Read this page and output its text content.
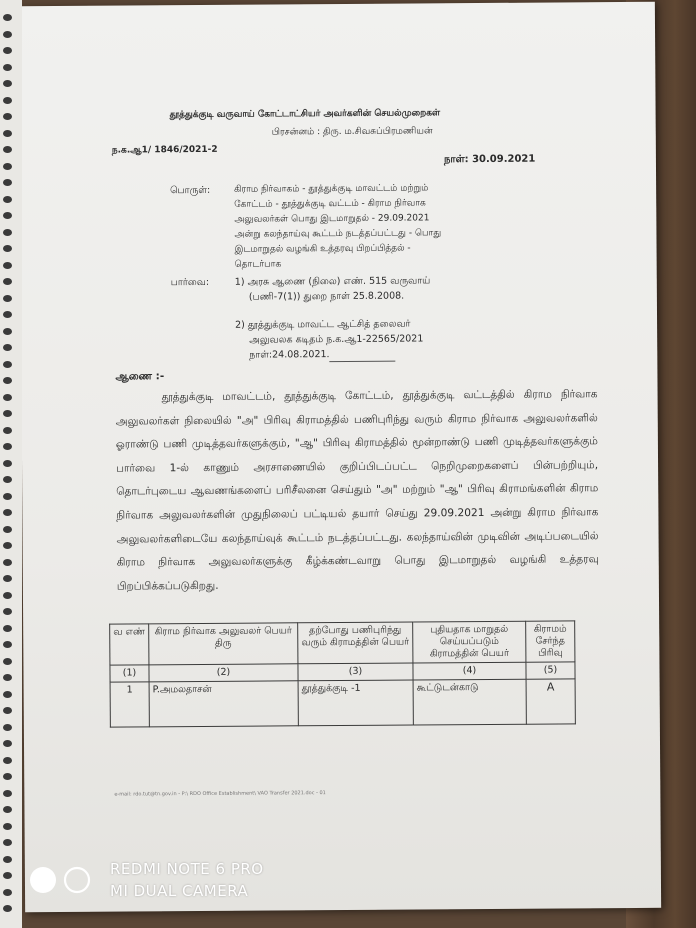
தூத்துக்குடி வருவாய் கோட்டாட்சியர் அவர்களின் செயல்முறைகள்
பிரசன்னம் : திரு. ம.சிவசுப்பிரமணியன்
ந.க.ஆ1/ 1846/2021-2
நாள்: 30.09.2021
பொருள்:	கிராம நிர்வாகம் - தூத்துக்குடி மாவட்டம் மற்றும்
கோட்டம் - தூத்துக்குடி வட்டம் - கிராம நிர்வாக
அலுவலர்கள் பொது இடமாறுதல் - 29.09.2021
அன்று கலந்தாய்வு கூட்டம் நடத்தப்பட்டது - பொது
இடமாறுதல் வழங்கி உத்தரவு பிறப்பித்தல் -
தொடர்பாக
பார்வை:	1) அரசு ஆணை (நிலை) எண். 515 வருவாய்
(பணி-7(1)) துறை நாள் 25.8.2008.
2) தூத்துக்குடி மாவட்ட ஆட்சித் தலைவர்
அலுவலக கடிதம் ந.க.ஆ1-22565/2021
நாள்:24.08.2021.
ஆணை :-
தூத்துக்குடி மாவட்டம், தூத்துக்குடி கோட்டம், தூத்துக்குடி வட்டத்தில் கிராம நிர்வாக அலுவலர்கள் நிலையில் "அ" பிரிவு கிராமத்தில் பணிபுரிந்து வரும் கிராம நிர்வாக அலுவலர்களில் ஓராண்டு பணி முடித்தவர்களுக்கும், "ஆ" பிரிவு கிராமத்தில் மூன்றாண்டு பணி முடித்தவர்களுக்கும் பார்வை 1-ல் காணும் அரசாணையில் குறிப்பிடப்பட்ட நெறிமுறைகளைப் பின்பற்றியும், தொடர்புடைய ஆவணங்களைப் பரிசீலனை செய்தும் "அ" மற்றும் "ஆ" பிரிவு கிராமங்களின் கிராம நிர்வாக அலுவலர்களின் முதுநிலைப் பட்டியல் தயார் செய்து 29.09.2021 அன்று கிராம நிர்வாக அலுவலர்களிடையே கலந்தாய்வுக் கூட்டம் நடத்தப்பட்டது. கலந்தாய்வின் முடிவின் அடிப்படையில் கிராம நிர்வாக அலுவலர்களுக்கு கீழ்க்கண்டவாறு பொது இடமாறுதல் வழங்கி உத்தரவு பிறப்பிக்கப்படுகிறது.
வ எண்	கிராம நிர்வாக அலுவலர் பெயர் திரு	தற்போது பணிபுரிந்து வரும் கிராமத்தின் பெயர்	புதியதாக மாறுதல் செய்யப்படும் கிராமத்தின் பெயர்	கிராமம் சேர்ந்த பிரிவு
(1)	(2)	(3)	(4)	(5)
1	P.அமலதாசன்	தூத்துக்குடி -1	கூட்டுடன்காடு	A
e-mail: rdo.tut@tn.gov.in - P:\ RDO Office Establishment\ VAO Transfer 2021.doc - 01
REDMI NOTE 6 PRO
MI DUAL CAMERA
